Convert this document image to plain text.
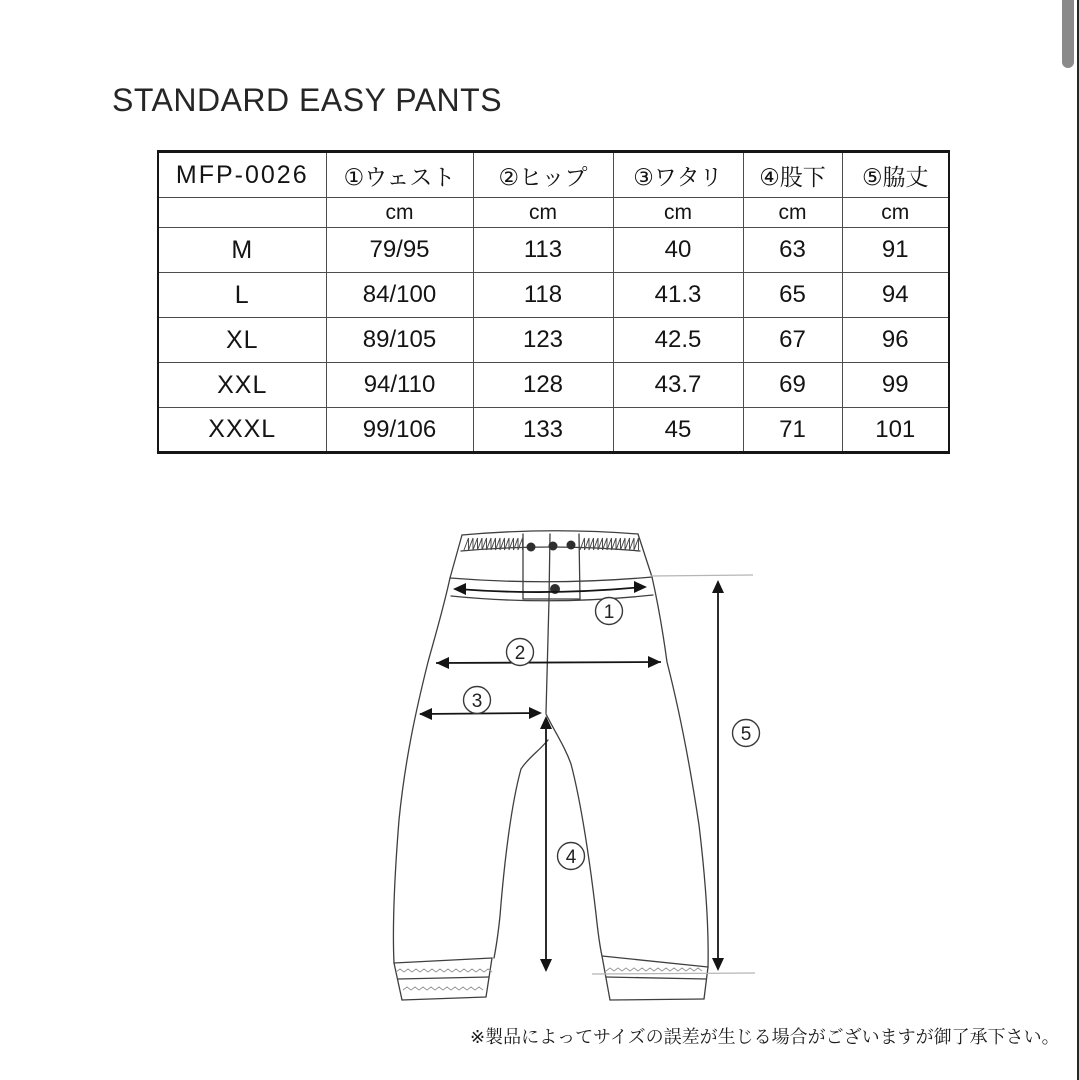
STANDARD EASY PANTS
MFP-0026	①ウェスト	②ヒップ	③ワタリ	④股下	⑤脇丈
	cm	cm	cm	cm	cm
M	79/95	113	40	63	91
L	84/100	118	41.3	65	94
XL	89/105	123	42.5	67	96
XXL	94/110	128	43.7	69	99
XXXL	99/106	133	45	71	101
1
2
3
4
5
※製品によってサイズの誤差が生じる場合がございますが御了承下さい。
